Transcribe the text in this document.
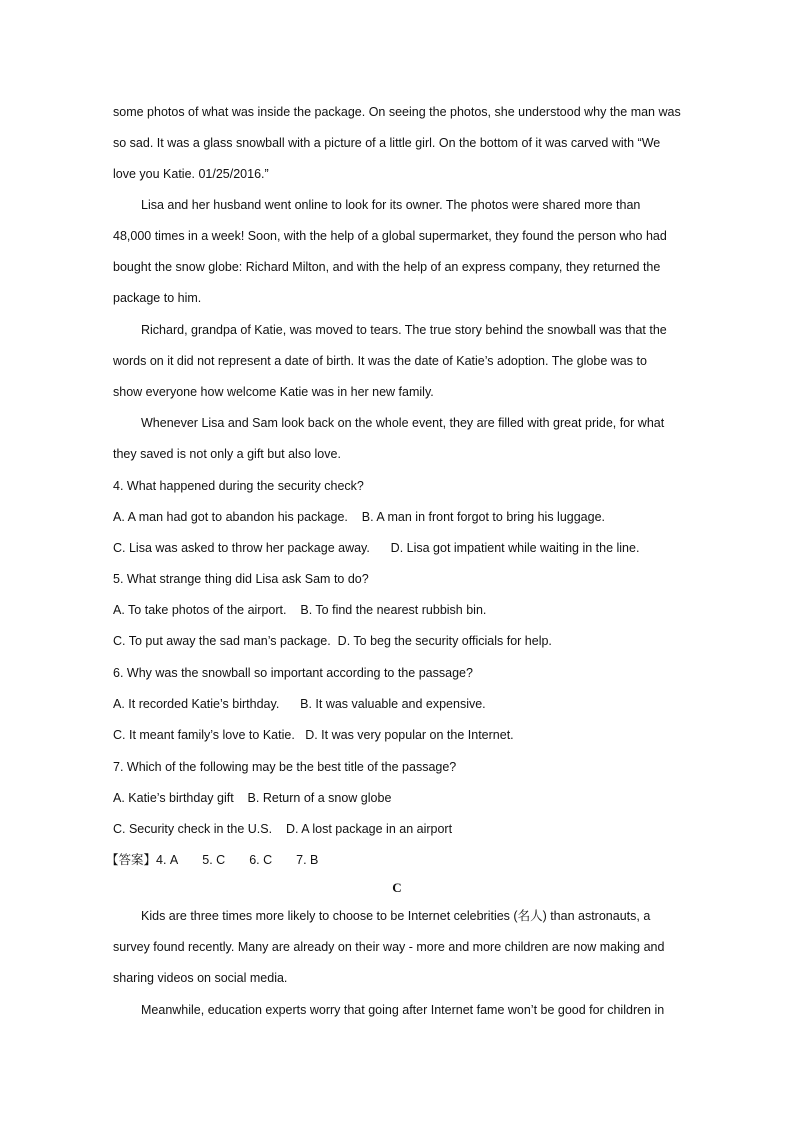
some photos of what was inside the package. On seeing the photos, she understood why the man was
so sad. It was a glass snowball with a picture of a little girl. On the bottom of it was carved with “We
love you Katie. 01/25/2016.”
Lisa and her husband went online to look for its owner. The photos were shared more than
48,000 times in a week! Soon, with the help of a global supermarket, they found the person who had
bought the snow globe: Richard Milton, and with the help of an express company, they returned the
package to him.
Richard, grandpa of Katie, was moved to tears. The true story behind the snowball was that the
words on it did not represent a date of birth. It was the date of Katie’s adoption. The globe was to
show everyone how welcome Katie was in her new family.
Whenever Lisa and Sam look back on the whole event, they are filled with great pride, for what
they saved is not only a gift but also love.
4. What happened during the security check?
A. A man had got to abandon his package.    B. A man in front forgot to bring his luggage.
C. Lisa was asked to throw her package away.      D. Lisa got impatient while waiting in the line.
5. What strange thing did Lisa ask Sam to do?
A. To take photos of the airport.    B. To find the nearest rubbish bin.
C. To put away the sad man’s package.  D. To beg the security officials for help.
6. Why was the snowball so important according to the passage?
A. It recorded Katie’s birthday.      B. It was valuable and expensive.
C. It meant family’s love to Katie.   D. It was very popular on the Internet.
7. Which of the following may be the best title of the passage?
A. Katie’s birthday gift    B. Return of a snow globe
C. Security check in the U.S.    D. A lost package in an airport
【答案】4. A 5. C 6. C 7. B
C
Kids are three times more likely to choose to be Internet celebrities (名人) than astronauts, a
survey found recently. Many are already on their way - more and more children are now making and
sharing videos on social media.
Meanwhile, education experts worry that going after Internet fame won’t be good for children in
